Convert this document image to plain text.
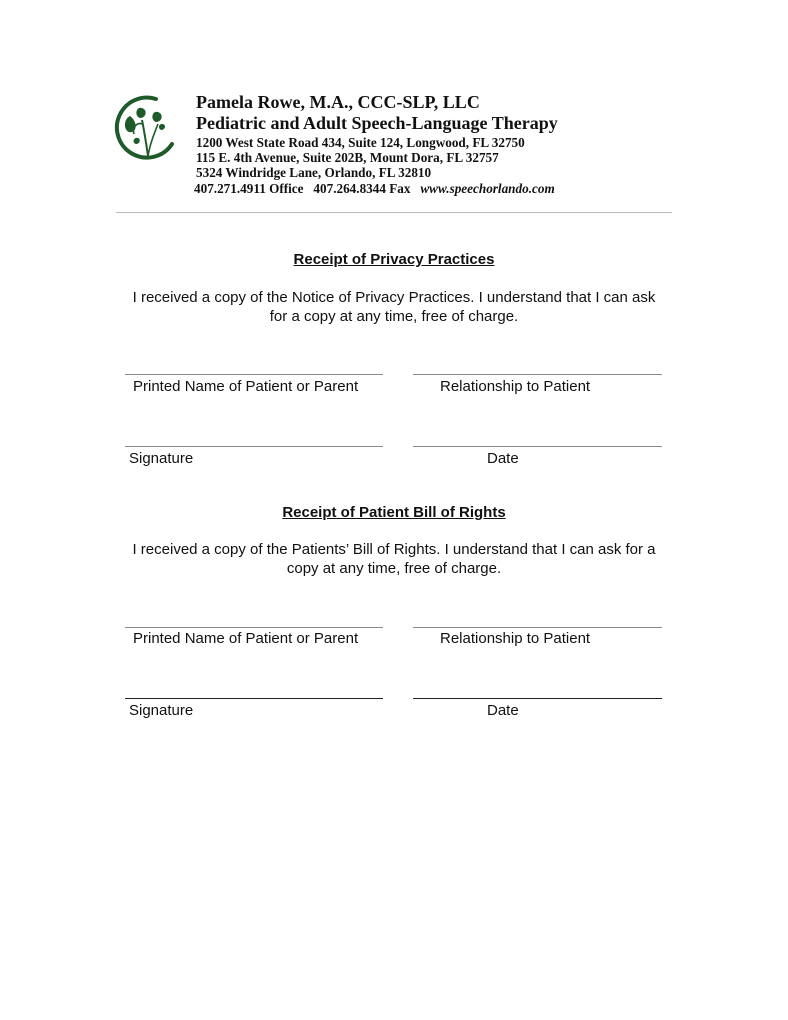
Pamela Rowe, M.A., CCC-SLP, LLC
Pediatric and Adult Speech-Language Therapy
1200 West State Road 434, Suite 124, Longwood, FL 32750
115 E. 4th Avenue, Suite 202B, Mount Dora, FL 32757
5324 Windridge Lane, Orlando, FL 32810
407.271.4911 Office 407.264.8344 Fax www.speechorlando.com
Receipt of Privacy Practices
I received a copy of the Notice of Privacy Practices. I understand that I can ask
for a copy at any time, free of charge.
Printed Name of Patient or Parent	Relationship to Patient
Signature	Date
Receipt of Patient Bill of Rights
I received a copy of the Patients’ Bill of Rights. I understand that I can ask for a
copy at any time, free of charge.
Printed Name of Patient or Parent	Relationship to Patient
Signature	Date
